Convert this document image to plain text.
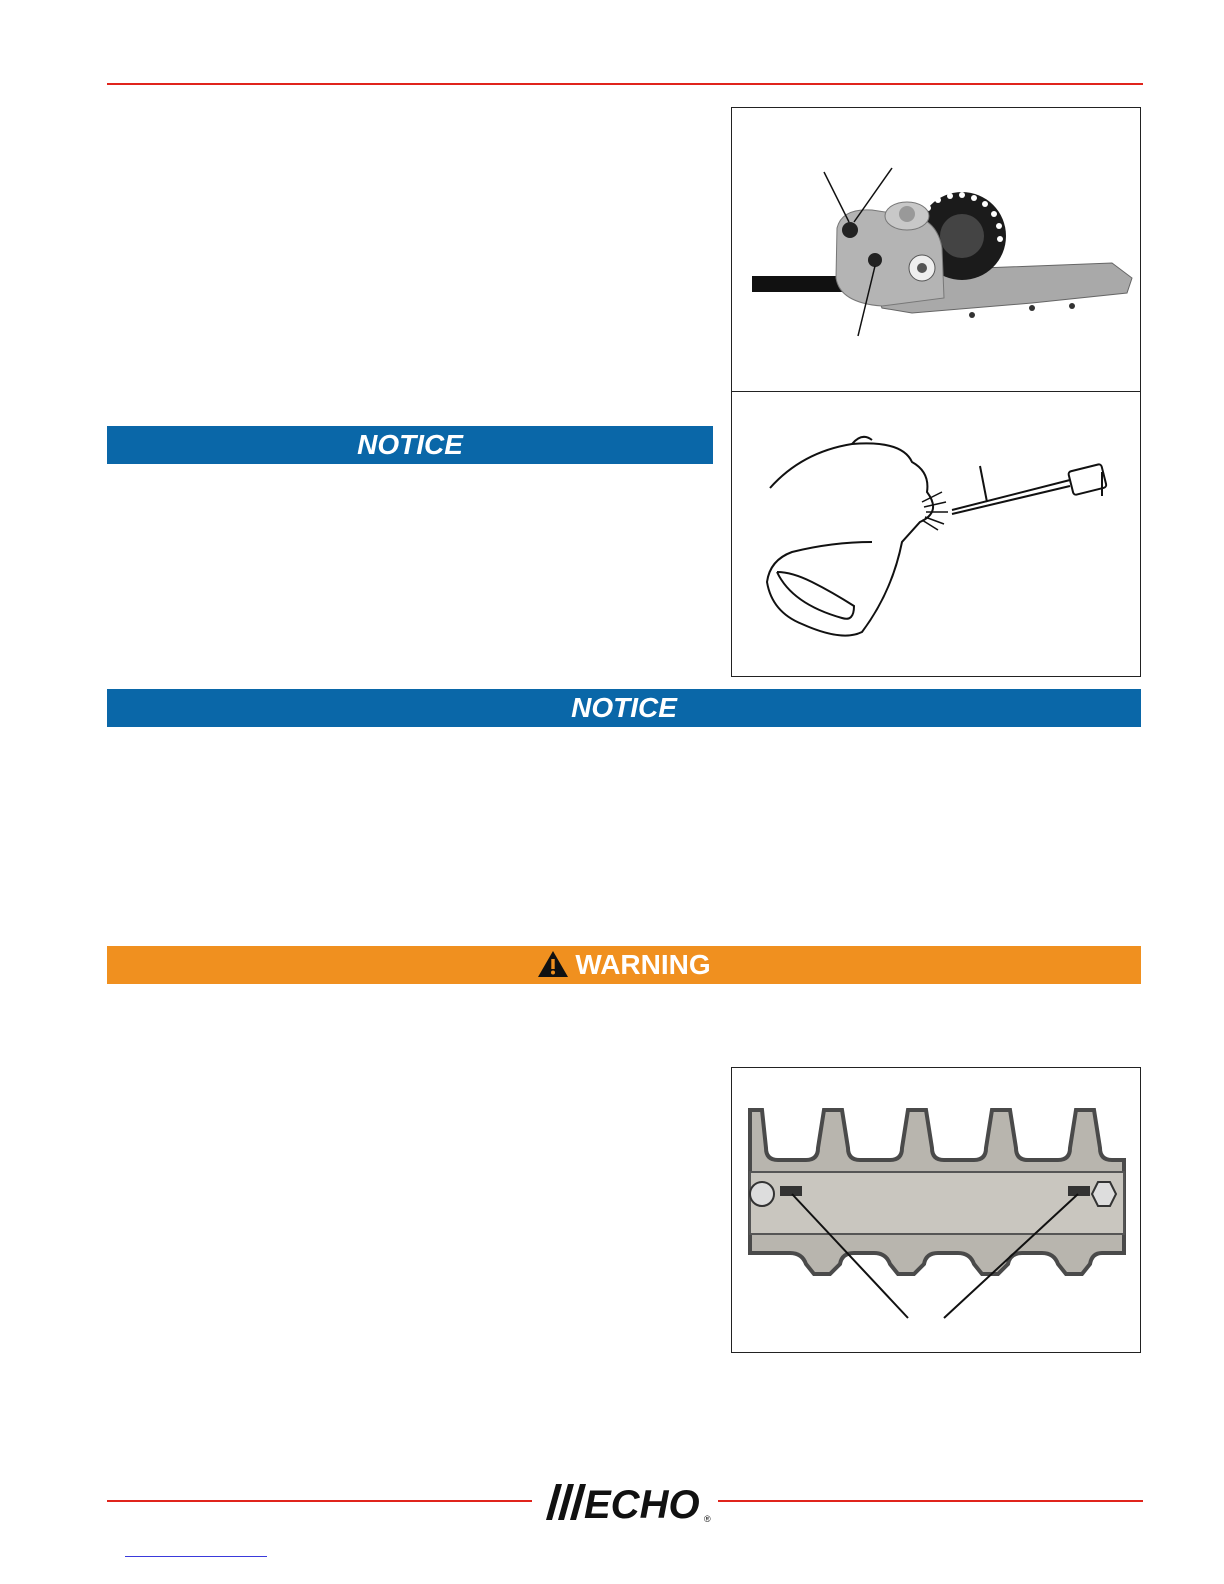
NOTICE
NOTICE
WARNING
ECHO ®
